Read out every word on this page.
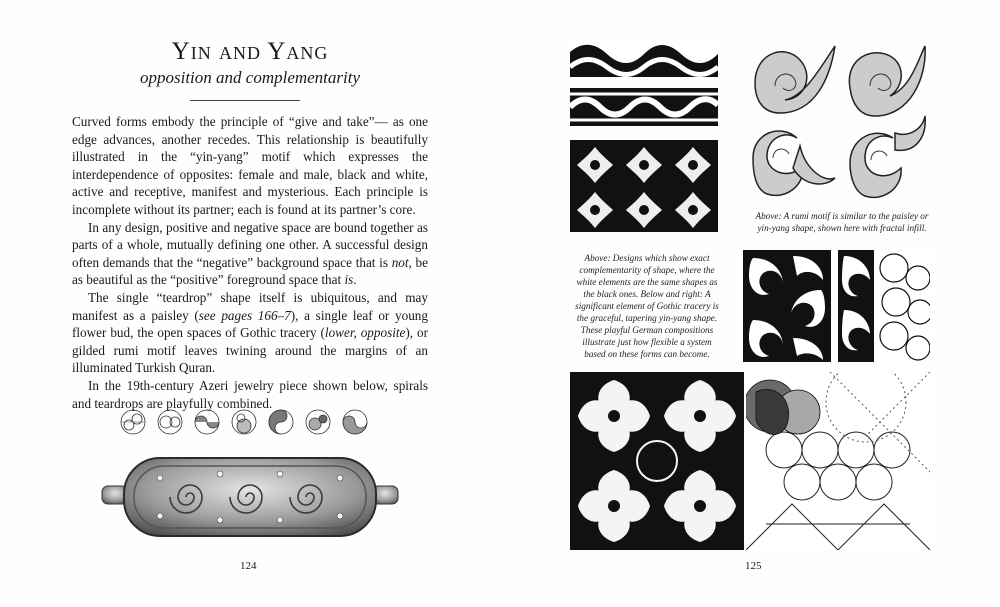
Yin and Yang
opposition and complementarity

Curved forms embody the principle of “give and take”— as one edge advances, another recedes. This relationship is beautifully illustrated in the “yin-yang” motif which expresses the interdependence of opposites: female and male, black and white, active and receptive, manifest and mysterious. Each principle is incomplete without its partner; each is found at its partner’s core.

In any design, positive and negative space are bound together as parts of a whole, mutually defining one other. A successful design often demands that the “negative” background space that is not, be as beautiful as the “positive” foreground space that is.

The single “teardrop” shape itself is ubiquitous, and may manifest as a paisley (see pages 166–7), a single leaf or young flower bud, the open spaces of Gothic tracery (lower, opposite), or gilded rumi motif leaves twining around the margins of an illuminated Turkish Quran.

In the 19th-century Azeri jewelry piece shown below, spirals and teardrops are playfully combined.

124
Above: A rumi motif is similar to the paisley or yin-yang shape, shown here with fractal infill.
Above: Designs which show exact complementarity of shape, where the white elements are the same shapes as the black ones. Below and right: A significant element of Gothic tracery is the graceful, tapering yin-yang shape. These playful German compositions illustrate just how flexible a system based on these forms can become.
125
